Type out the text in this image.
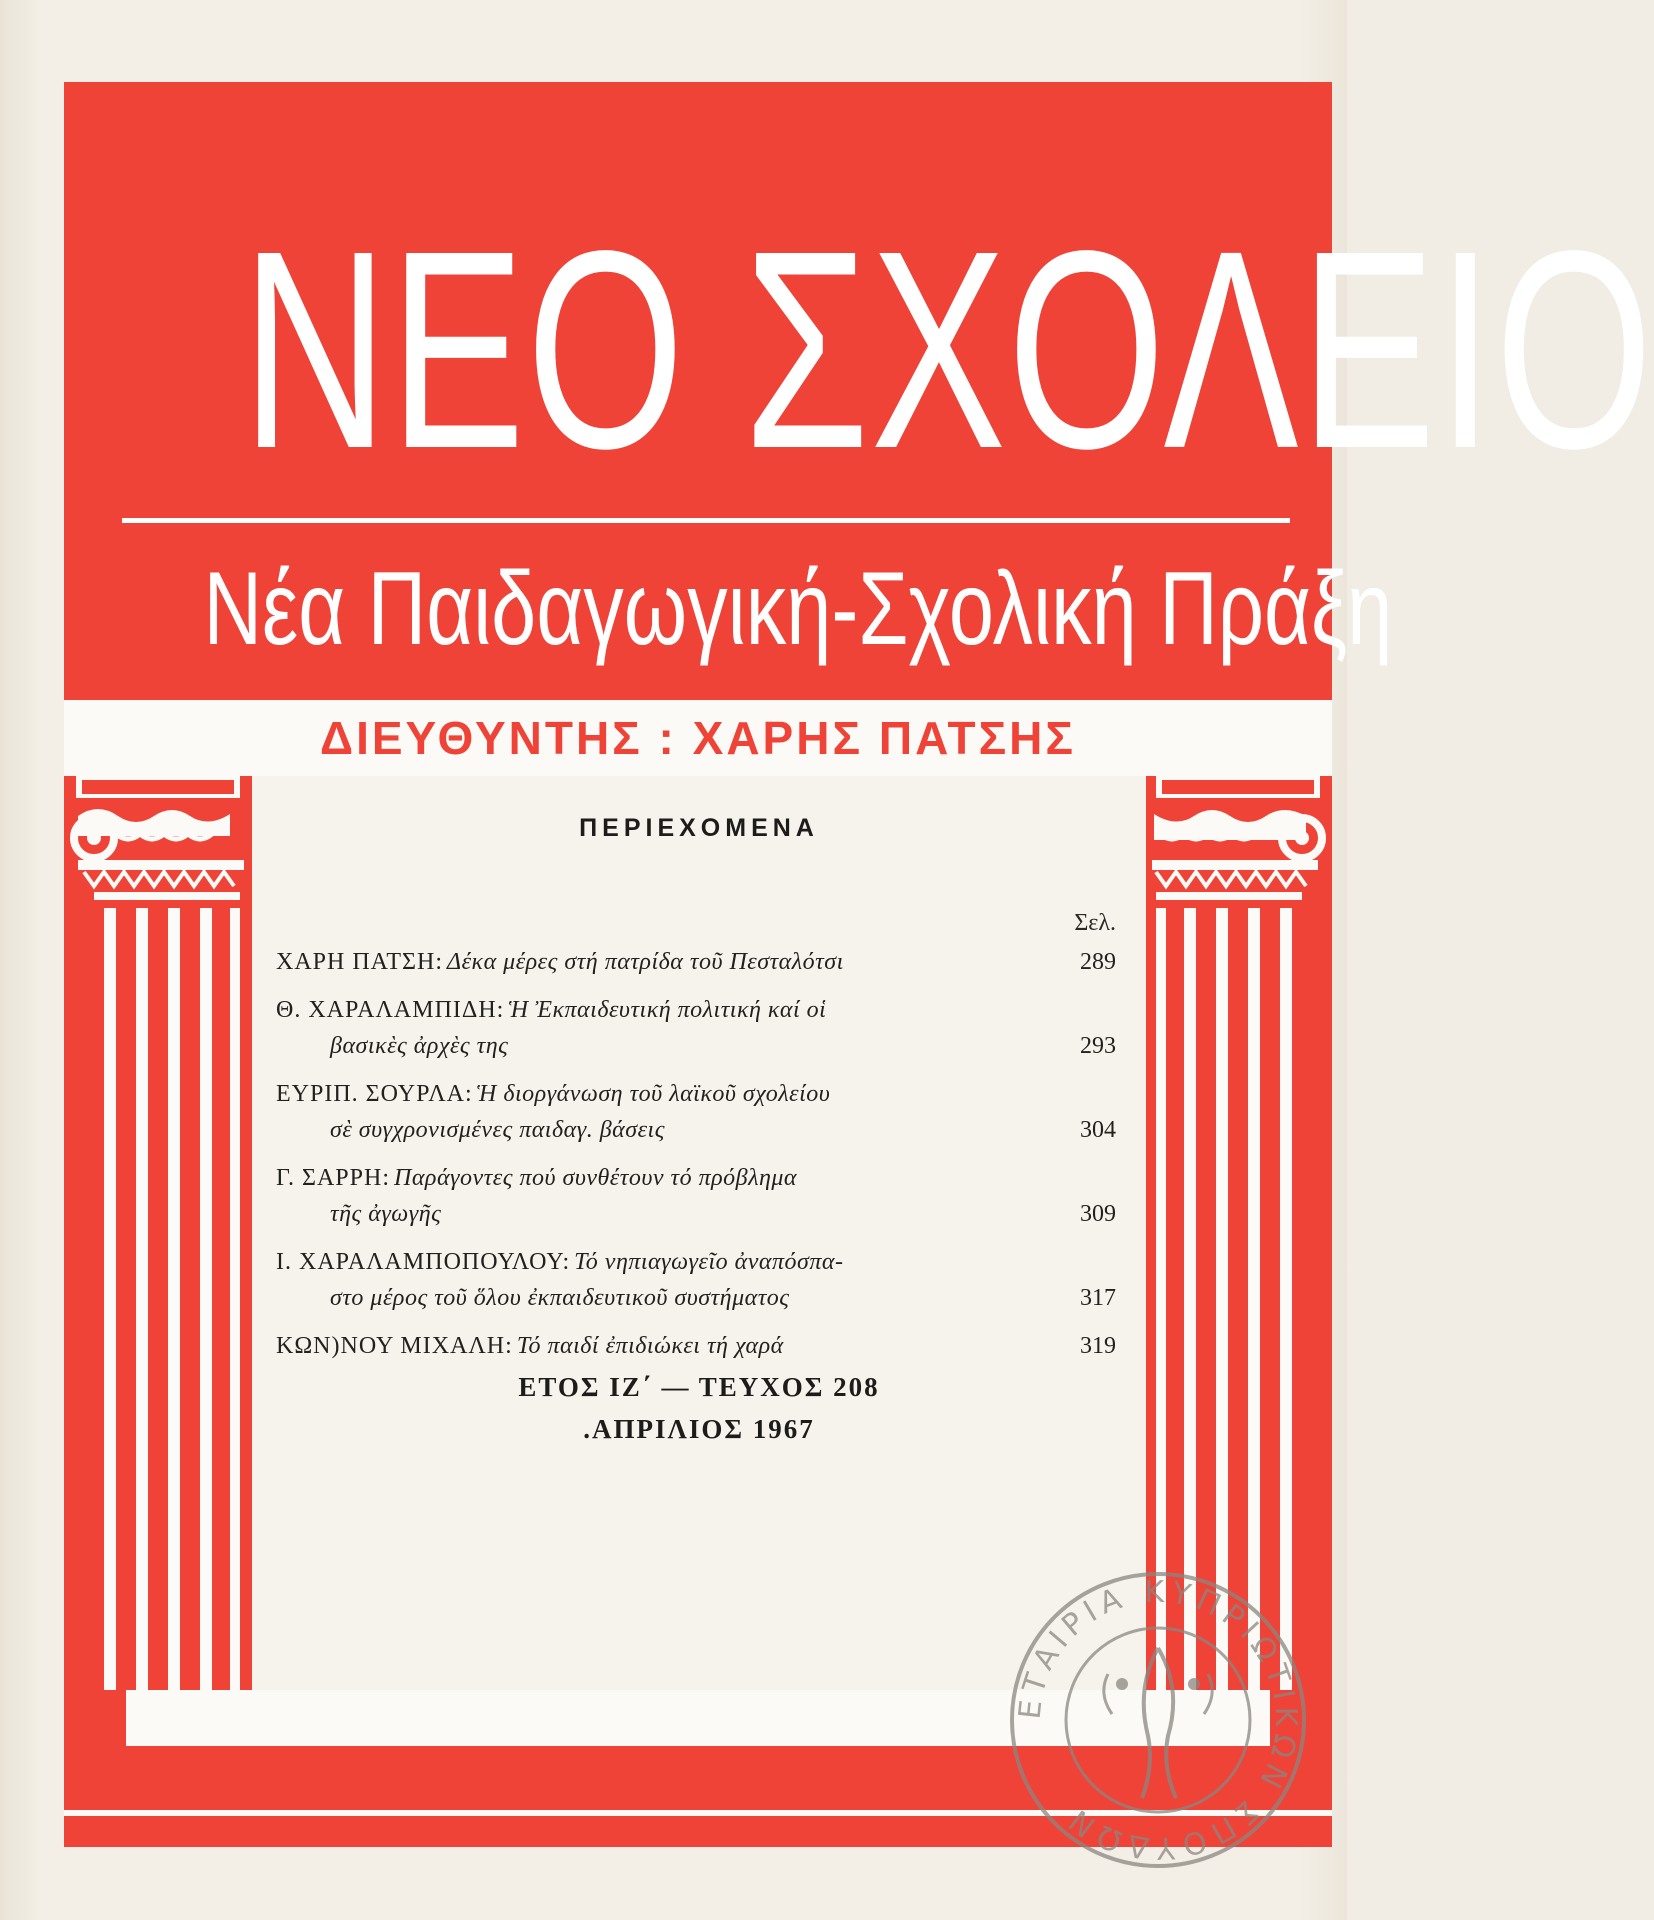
ΝΕΟ ΣΧΟΛΕΙΟ
Νέα Παιδαγωγική-Σχολική Πράξη
ΔΙΕΥΘΥΝΤΗΣ : ΧΑΡΗΣ ΠΑΤΣΗΣ
ΠΕΡΙΕΧΟΜΕΝΑ
Σελ.
ΧΑΡΗ ΠΑΤΣΗ: Δέκα μέρες στή πατρίδα τοῦ Πεσταλότσι	289
Θ. ΧΑΡΑΛΑΜΠΙΔΗ: Ἡ Ἐκπαιδευτική πολιτική καί οἱ
βασικὲς ἀρχὲς της	293
ΕΥΡΙΠ. ΣΟΥΡΛΑ: Ἡ διοργάνωση τοῦ λαϊκοῦ σχολείου
σὲ συγχρονισμένες παιδαγ. βάσεις	304
Γ. ΣΑΡΡΗ: Παράγοντες πού συνθέτουν τό πρόβλημα
τῆς ἀγωγῆς	309
Ι. ΧΑΡΑΛΑΜΠΟΠΟΥΛΟΥ: Τό νηπιαγωγεῖο ἀναπόσπα-
στο μέρος τοῦ ὅλου ἐκπαιδευτικοῦ συστήματος	317
ΚΩΝ)ΝΟΥ ΜΙΧΑΛΗ: Τό παιδί ἐπιδιώκει τή χαρά	319
ΕΤΟΣ ΙΖ΄ — ΤΕΥΧΟΣ 208
.ΑΠΡΙΛΙΟΣ 1967
ΕΤΑΙΡΙΑ ΚΥΠΡΙΩΤΙΚΩΝ ΣΠΟΥΔΩΝ
